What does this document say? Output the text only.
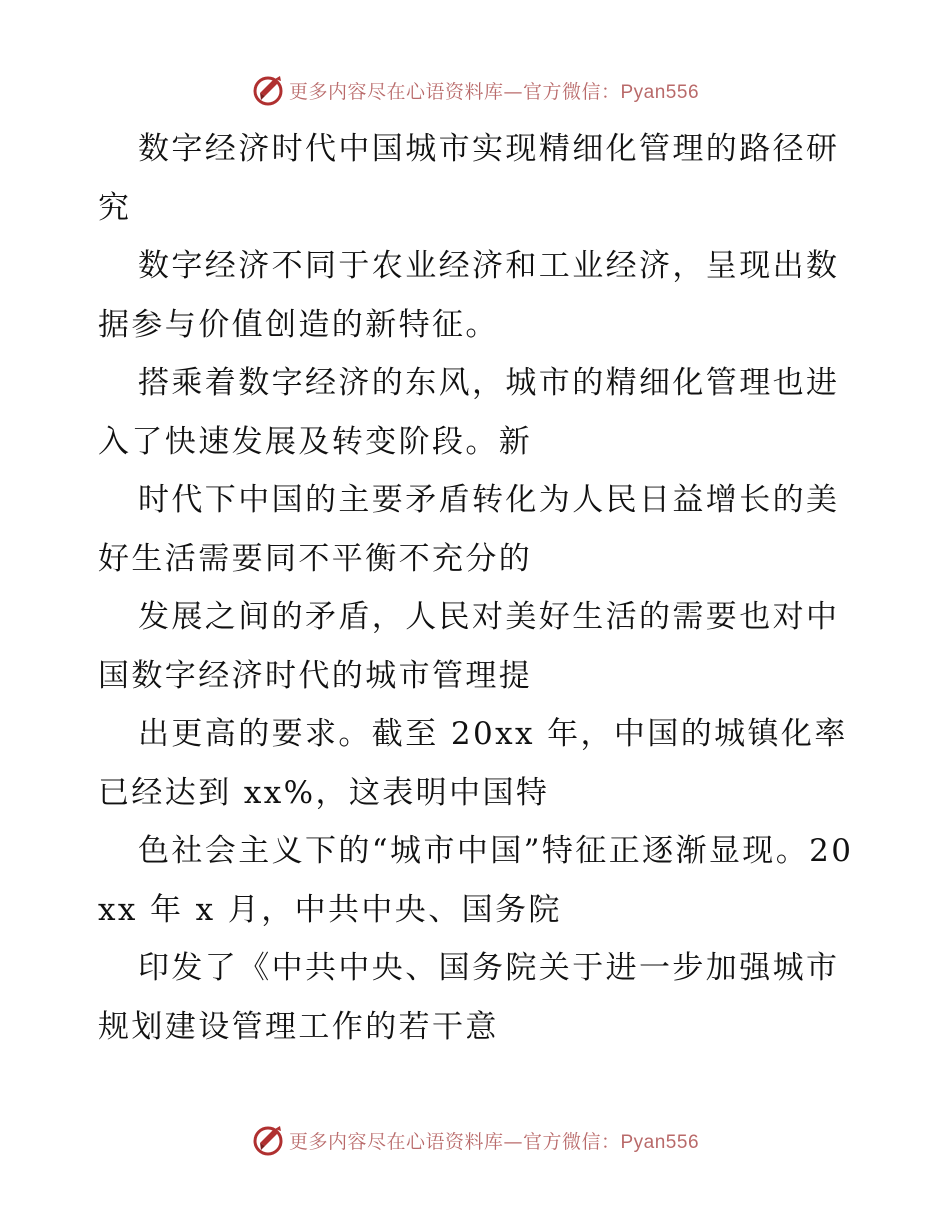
更多内容尽在心语资料库—官方微信：Pyan556

数字经济时代中国城市实现精细化管理的路径研究

数字经济不同于农业经济和工业经济，呈现出数据参与价值创造的新特征。

搭乘着数字经济的东风，城市的精细化管理也进入了快速发展及转变阶段。新

时代下中国的主要矛盾转化为人民日益增长的美好生活需要同不平衡不充分的

发展之间的矛盾，人民对美好生活的需要也对中国数字经济时代的城市管理提

出更高的要求。截至 20xx 年，中国的城镇化率已经达到 xx%，这表明中国特

色社会主义下的“城市中国”特征正逐渐显现。20xx 年 x 月，中共中央、国务院

印发了《中共中央、国务院关于进一步加强城市规划建设管理工作的若干意

更多内容尽在心语资料库—官方微信：Pyan556
